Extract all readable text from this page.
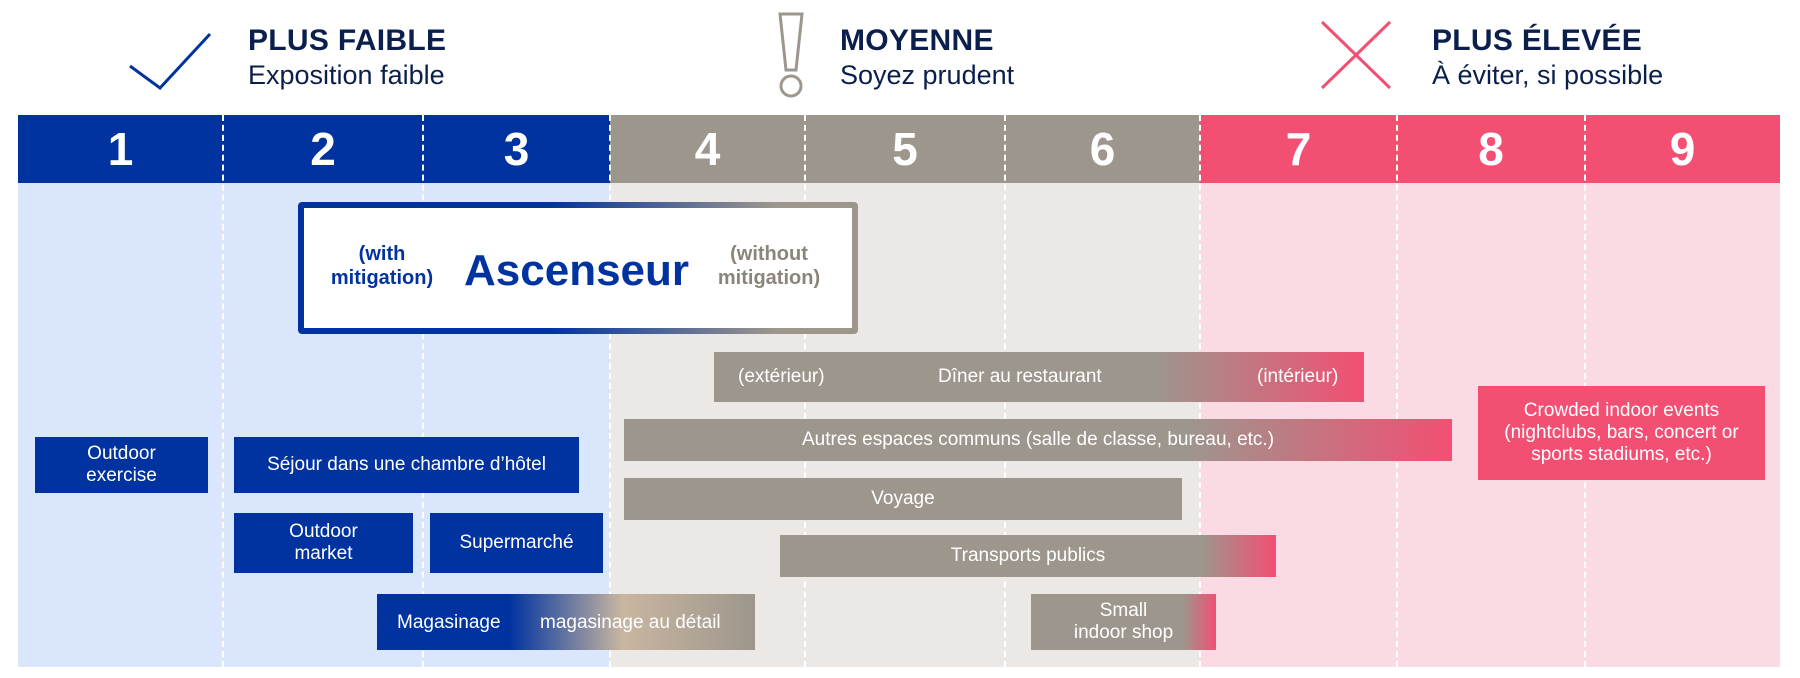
PLUS FAIBLE
Exposition faible
MOYENNE
Soyez prudent
PLUS ÉLEVÉE
À éviter, si possible
1	2	3	4	5	6	7	8	9
(with mitigation) Ascenseur	(without mitigation)
(extérieur)	Dîner au restaurant	(intérieur)
Autres espaces communs (salle de classe, bureau, etc.)
Crowded indoor events (nightclubs, bars, concert or sports stadiums, etc.)
Outdoor exercise
Séjour dans une chambre d’hôtel
Voyage
Outdoor market
Supermarché
Transports publics
Magasinage magasinage au détail
Small indoor shop
